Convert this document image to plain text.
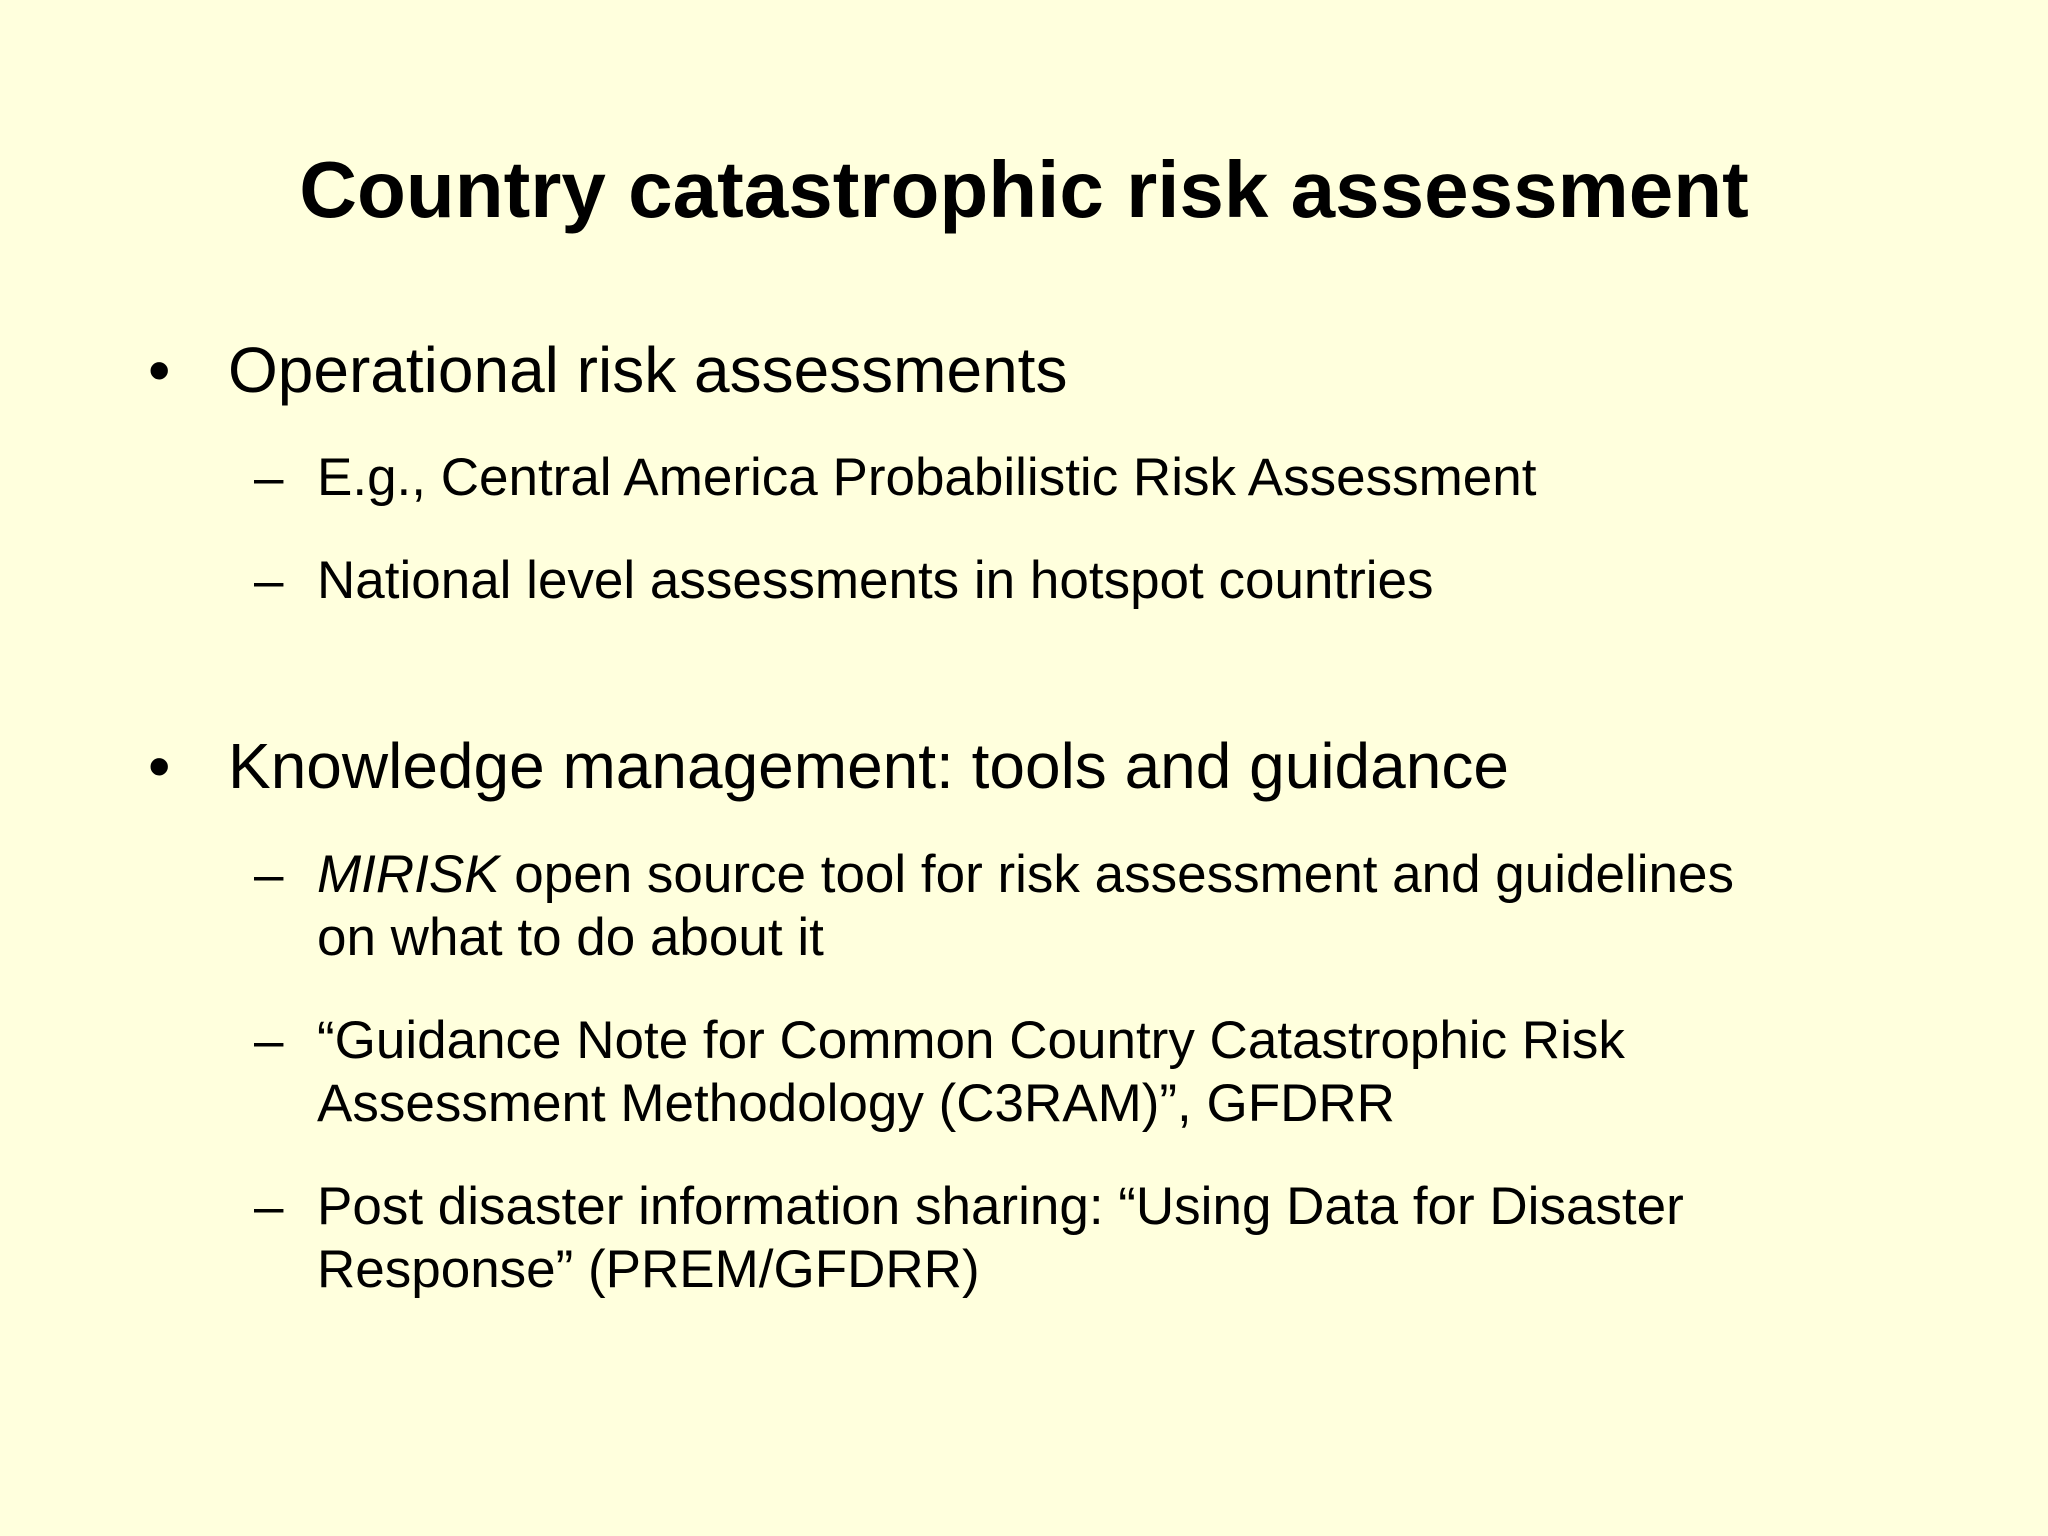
Country catastrophic risk assessment
• Operational risk assessments
– E.g., Central America Probabilistic Risk Assessment
– National level assessments in hotspot countries
• Knowledge management: tools and guidance
– MIRISK open source tool for risk assessment and guidelines
on what to do about it
– “Guidance Note for Common Country Catastrophic Risk
Assessment Methodology (C3RAM)”, GFDRR
– Post disaster information sharing: “Using Data for Disaster
Response” (PREM/GFDRR)
